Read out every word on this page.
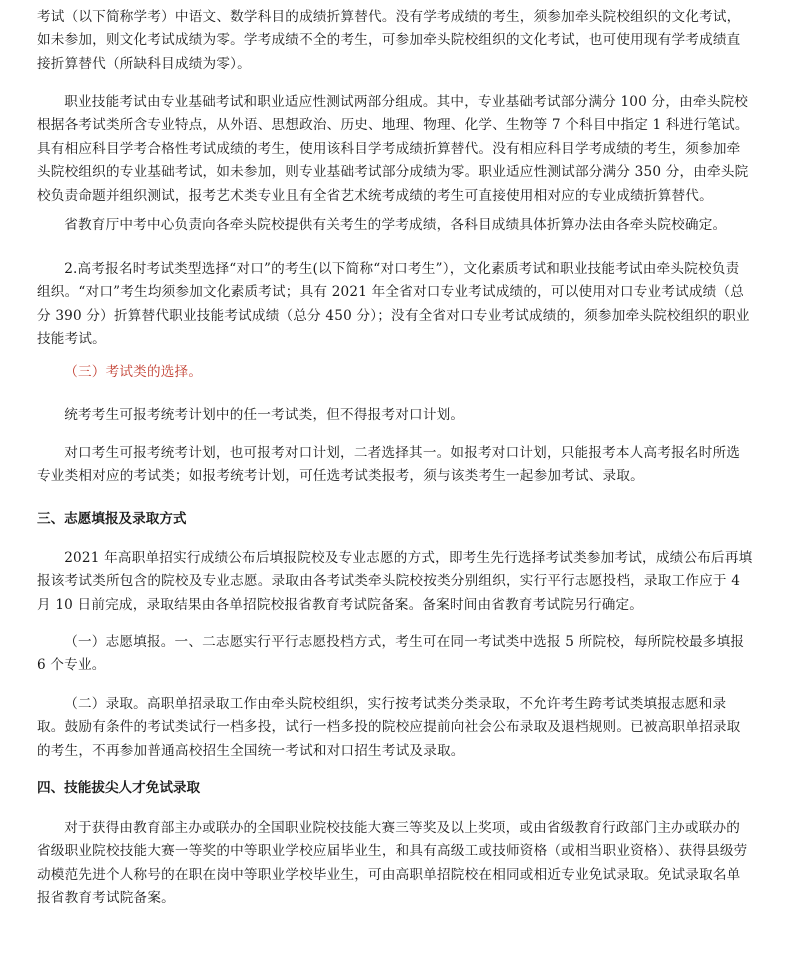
考试（以下简称学考）中语文、数学科目的成绩折算替代。没有学考成绩的考生，须参加牵头院校组织的文化考试，如未参加，则文化考试成绩为零。学考成绩不全的考生，可参加牵头院校组织的文化考试，也可使用现有学考成绩直接折算替代（所缺科目成绩为零）。

职业技能考试由专业基础考试和职业适应性测试两部分组成。其中，专业基础考试部分满分 100 分，由牵头院校根据各考试类所含专业特点，从外语、思想政治、历史、地理、物理、化学、生物等 7 个科目中指定 1 科进行笔试。具有相应科目学考合格性考试成绩的考生，使用该科目学考成绩折算替代。没有相应科目学考成绩的考生，须参加牵头院校组织的专业基础考试，如未参加，则专业基础考试部分成绩为零。职业适应性测试部分满分 350 分，由牵头院校负责命题并组织测试，报考艺术类专业且有全省艺术统考成绩的考生可直接使用相对应的专业成绩折算替代。

省教育厅中考中心负责向各牵头院校提供有关考生的学考成绩，各科目成绩具体折算办法由各牵头院校确定。

2.高考报名时考试类型选择“对口”的考生(以下简称“对口考生”），文化素质考试和职业技能考试由牵头院校负责组织。“对口”考生均须参加文化素质考试；具有 2021 年全省对口专业考试成绩的，可以使用对口专业考试成绩（总分 390 分）折算替代职业技能考试成绩（总分 450 分）；没有全省对口专业考试成绩的，须参加牵头院校组织的职业技能考试。

（三）考试类的选择。

统考考生可报考统考计划中的任一考试类，但不得报考对口计划。

对口考生可报考统考计划，也可报考对口计划，二者选择其一。如报考对口计划，只能报考本人高考报名时所选专业类相对应的考试类；如报考统考计划，可任选考试类报考，须与该类考生一起参加考试、录取。

三、志愿填报及录取方式

2021 年高职单招实行成绩公布后填报院校及专业志愿的方式，即考生先行选择考试类参加考试，成绩公布后再填报该考试类所包含的院校及专业志愿。录取由各考试类牵头院校按类分别组织，实行平行志愿投档，录取工作应于 4 月 10 日前完成，录取结果由各单招院校报省教育考试院备案。备案时间由省教育考试院另行确定。

（一）志愿填报。一、二志愿实行平行志愿投档方式，考生可在同一考试类中选报 5 所院校，每所院校最多填报 6 个专业。

（二）录取。高职单招录取工作由牵头院校组织，实行按考试类分类录取，不允许考生跨考试类填报志愿和录取。鼓励有条件的考试类试行一档多投，试行一档多投的院校应提前向社会公布录取及退档规则。已被高职单招录取的考生，不再参加普通高校招生全国统一考试和对口招生考试及录取。

四、技能拔尖人才免试录取

对于获得由教育部主办或联办的全国职业院校技能大赛三等奖及以上奖项，或由省级教育行政部门主办或联办的省级职业院校技能大赛一等奖的中等职业学校应届毕业生，和具有高级工或技师资格（或相当职业资格）、获得县级劳动模范先进个人称号的在职在岗中等职业学校毕业生，可由高职单招院校在相同或相近专业免试录取。免试录取名单报省教育考试院备案。
